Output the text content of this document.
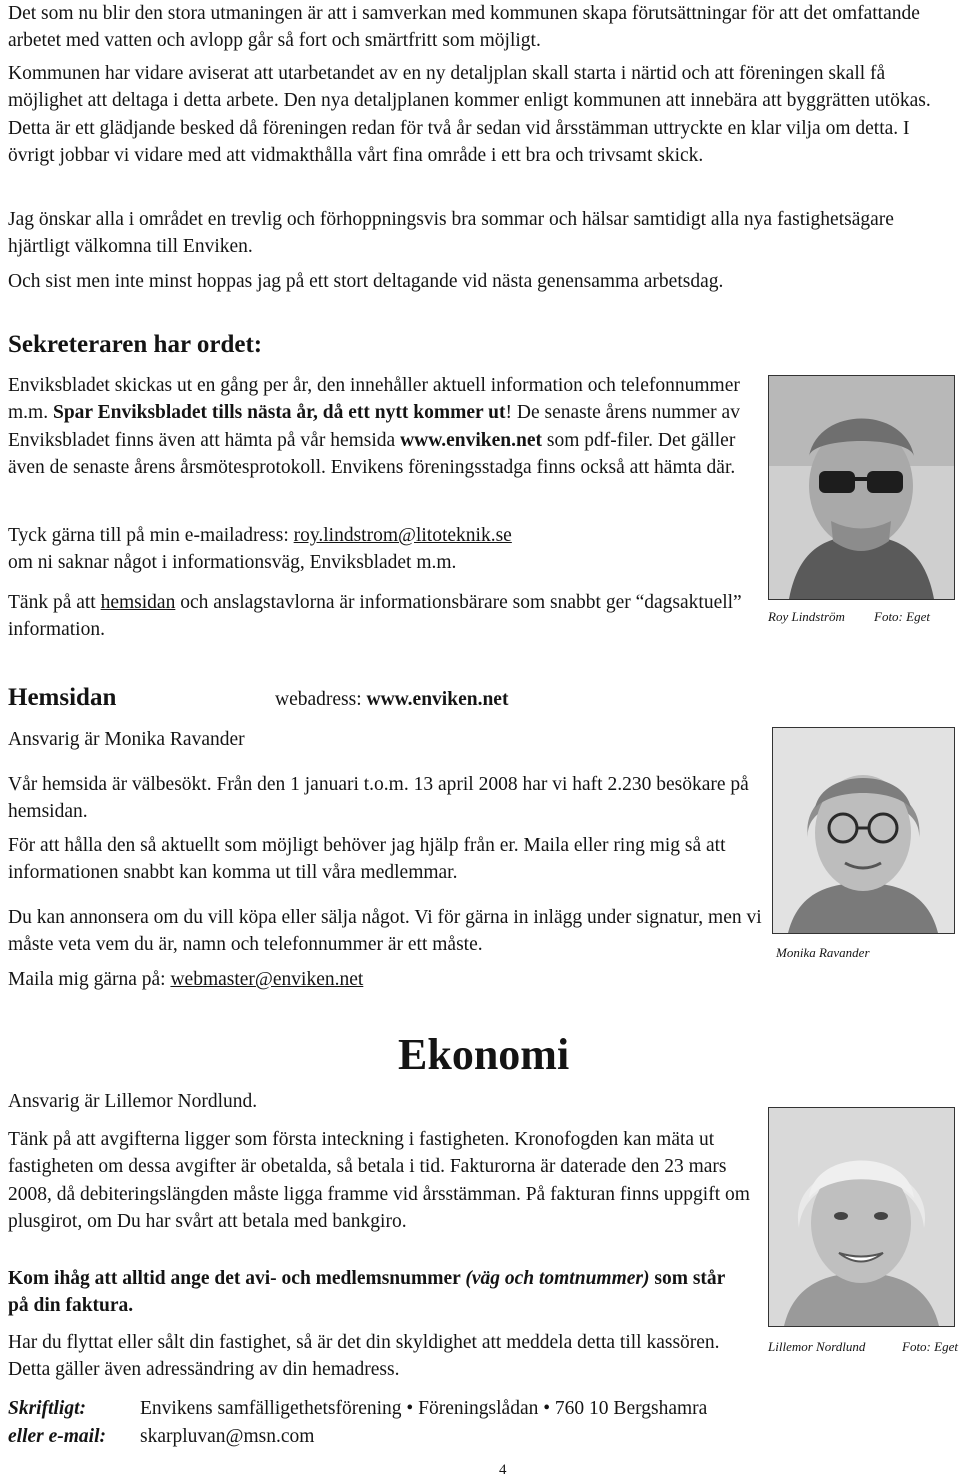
Det som nu blir den stora utmaningen är att i samverkan med kommunen skapa förutsättningar för att det omfattande arbetet med vatten och avlopp går så fort och smärtfritt som möjligt.

Kommunen har vidare aviserat att utarbetandet av en ny detaljplan skall starta i närtid och att föreningen skall få möjlighet att deltaga i detta arbete. Den nya detaljplanen kommer enligt kommunen att innebära att byggrätten utökas. Detta är ett glädjande besked då föreningen redan för två år sedan vid årsstämman uttryckte en klar vilja om detta. I övrigt jobbar vi vidare med att vidmakthålla vårt fina område i ett bra och trivsamt skick.

Jag önskar alla i området en trevlig och förhoppningsvis bra sommar och hälsar samtidigt alla nya fastighetsägare hjärtligt välkomna till Enviken.

Och sist men inte minst hoppas jag på ett stort deltagande vid nästa genensamma arbetsdag.

Sekreteraren har ordet:

Enviksbladet skickas ut en gång per år, den innehåller aktuell information och telefonnummer m.m. Spar Enviksbladet tills nästa år, då ett nytt kommer ut! De senaste årens nummer av Enviksbladet finns även att hämta på vår hemsida www.enviken.net som pdf-filer. Det gäller även de senaste årens årsmötesprotokoll. Envikens föreningsstadga finns också att hämta där.

Tyck gärna till på min e-mailadress: roy.lindstrom@litoteknik.se
om ni saknar något i informationsväg, Enviksbladet m.m.

Tänk på att hemsidan och anslagstavlorna är informationsbärare som snabbt ger “dagsaktuell” information.

Roy Lindström Foto: Eget
Hemsidan	webadress: www.enviken.net

Ansvarig är Monika Ravander

Vår hemsida är välbesökt. Från den 1 januari t.o.m. 13 april 2008 har vi haft 2.230 besökare på hemsidan.

För att hålla den så aktuellt som möjligt behöver jag hjälp från er. Maila eller ring mig så att informationen snabbt kan komma ut till våra medlemmar.

Du kan annonsera om du vill köpa eller sälja något. Vi för gärna in inlägg under signatur, men vi måste veta vem du är, namn och telefonnummer är ett måste.

Maila mig gärna på: webmaster@enviken.net

Monika Ravander
Ekonomi

Ansvarig är Lillemor Nordlund.

Tänk på att avgifterna ligger som första inteckning i fastigheten. Kronofogden kan mäta ut fastigheten om dessa avgifter är obetalda, så betala i tid. Fakturorna är daterade den 23 mars 2008, då debiteringslängden måste ligga framme vid årsstämman. På fakturan finns uppgift om plusgirot, om Du har svårt att betala med bankgiro.

Kom ihåg att alltid ange det avi- och medlemsnummer (väg och tomtnummer) som står på din faktura.

Har du flyttat eller sålt din fastighet, så är det din skyldighet att meddela detta till kassören. Detta gäller även adressändring av din hemadress.

Lillemor Nordlund	Foto: Eget
Skriftligt:	Envikens samfälligethetsförening • Föreningslådan • 760 10 Bergshamra
eller e-mail: skarpluvan@msn.com
4
